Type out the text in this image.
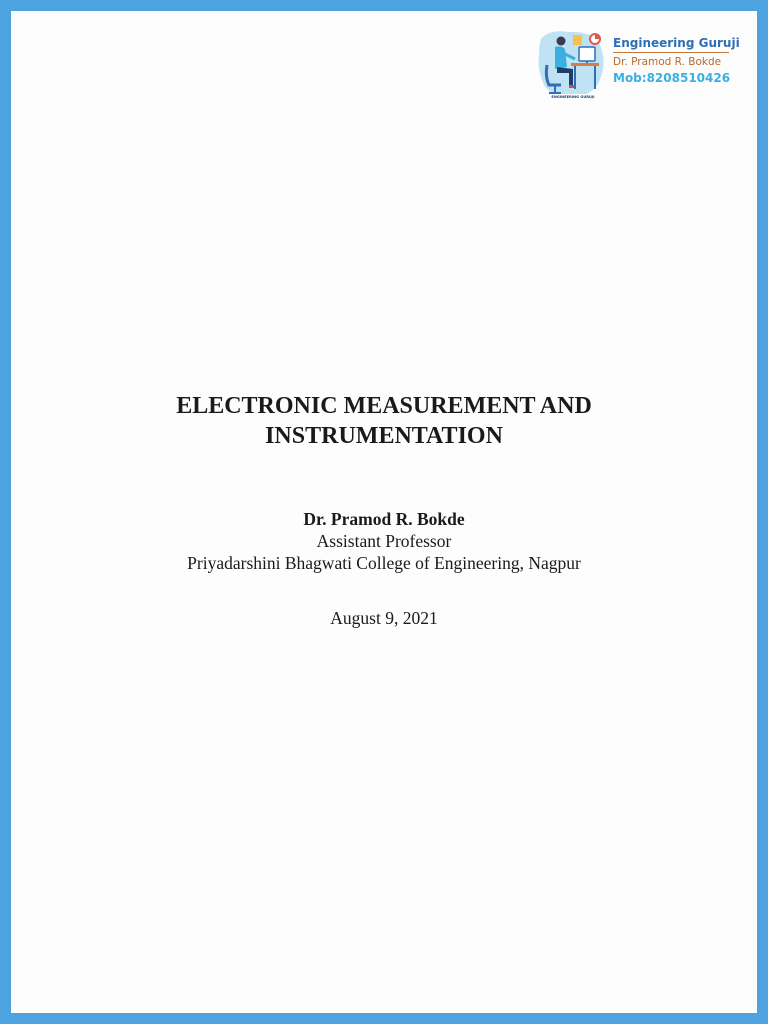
ENGINEERING GURUJI
Engineering Guruji
Dr. Pramod R. Bokde
Mob:8208510426

ELECTRONIC MEASUREMENT AND

INSTRUMENTATION

Dr. Pramod R. Bokde
Assistant Professor
Priyadarshini Bhagwati College of Engineering, Nagpur
August 9, 2021
